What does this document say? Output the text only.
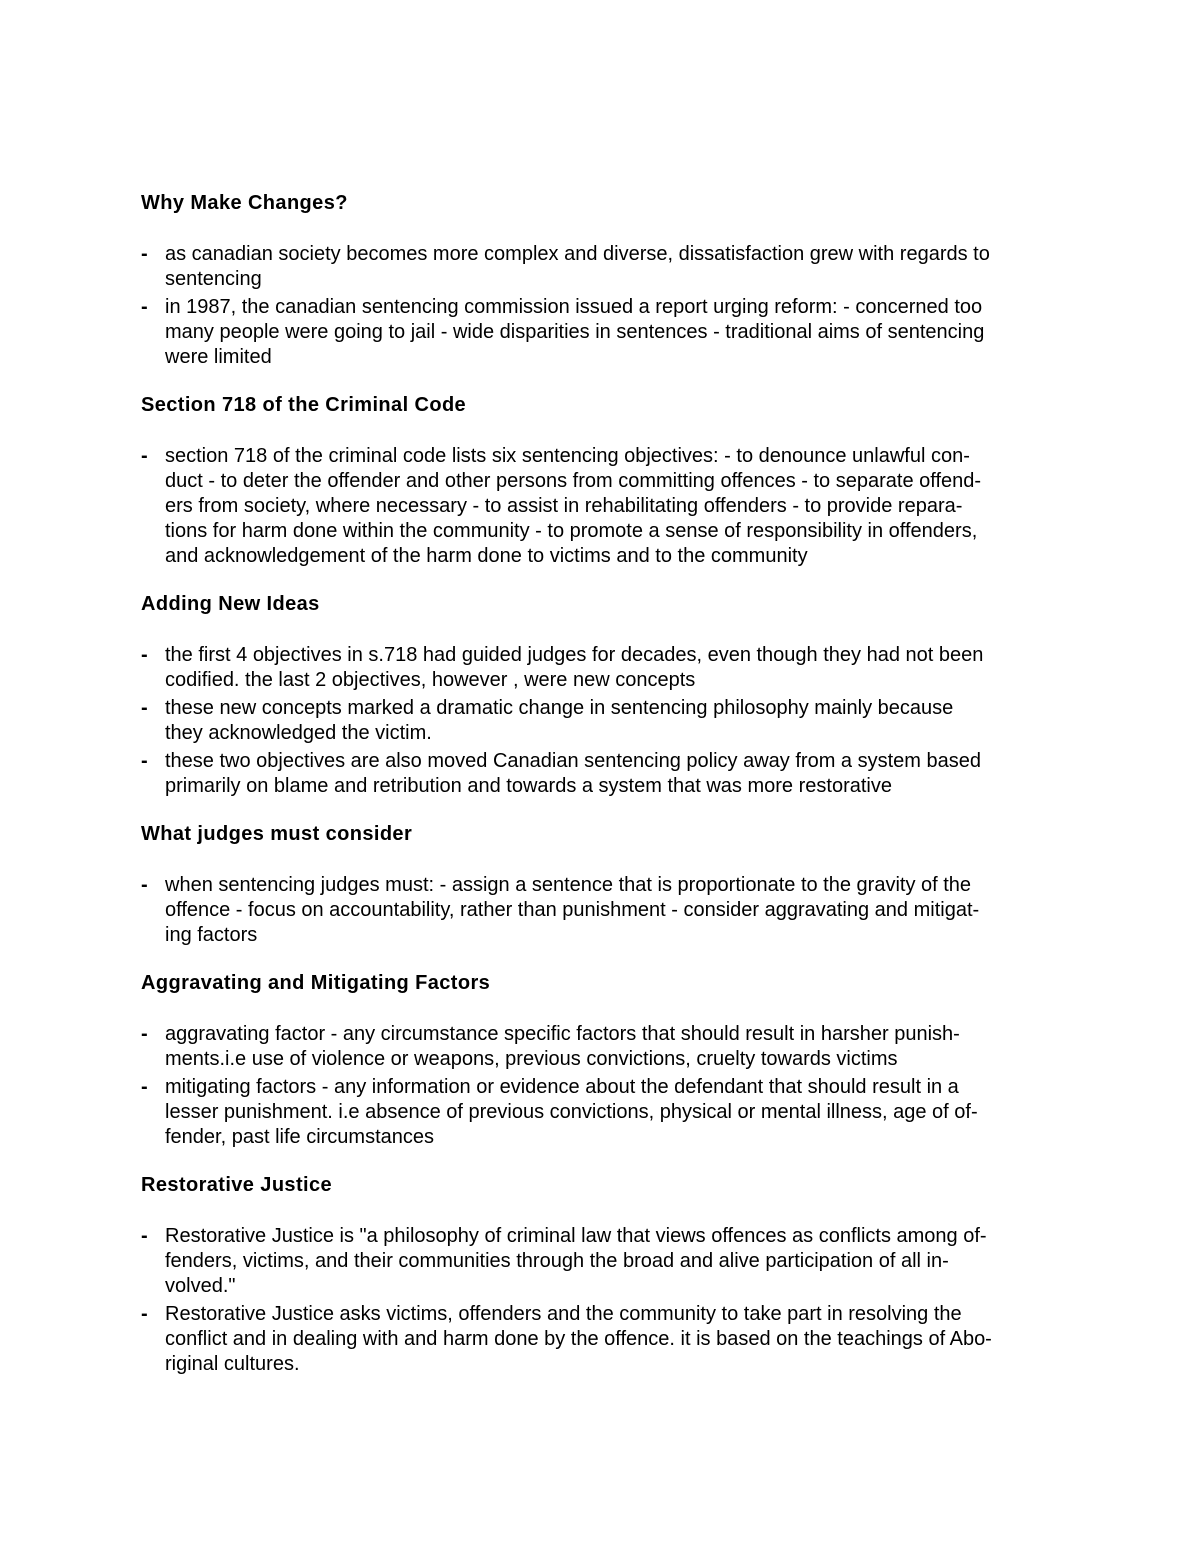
Why Make Changes?
- as canadian society becomes more complex and diverse, dissatisfaction grew with regards to
sentencing
- in 1987, the canadian sentencing commission issued a report urging reform: - concerned too
many people were going to jail - wide disparities in sentences - traditional aims of sentencing
were limited
Section 718 of the Criminal Code
- section 718 of the criminal code lists six sentencing objectives: - to denounce unlawful con-
duct - to deter the offender and other persons from committing offences - to separate offend-
ers from society, where necessary - to assist in rehabilitating offenders - to provide repara-
tions for harm done within the community - to promote a sense of responsibility in offenders,
and acknowledgement of the harm done to victims and to the community
Adding New Ideas
- the first 4 objectives in s.718 had guided judges for decades, even though they had not been
codified. the last 2 objectives, however , were new concepts
- these new concepts marked a dramatic change in sentencing philosophy mainly because
they acknowledged the victim.
- these two objectives are also moved Canadian sentencing policy away from a system based
primarily on blame and retribution and towards a system that was more restorative
What judges must consider
- when sentencing judges must: - assign a sentence that is proportionate to the gravity of the
offence - focus on accountability, rather than punishment - consider aggravating and mitigat-
ing factors
Aggravating and Mitigating Factors
- aggravating factor - any circumstance specific factors that should result in harsher punish-
ments.i.e use of violence or weapons, previous convictions, cruelty towards victims
- mitigating factors - any information or evidence about the defendant that should result in a
lesser punishment. i.e absence of previous convictions, physical or mental illness, age of of-
fender, past life circumstances
Restorative Justice
- Restorative Justice is "a philosophy of criminal law that views offences as conflicts among of-
fenders, victims, and their communities through the broad and alive participation of all in-
volved."
- Restorative Justice asks victims, offenders and the community to take part in resolving the
conflict and in dealing with and harm done by the offence. it is based on the teachings of Abo-
riginal cultures.
